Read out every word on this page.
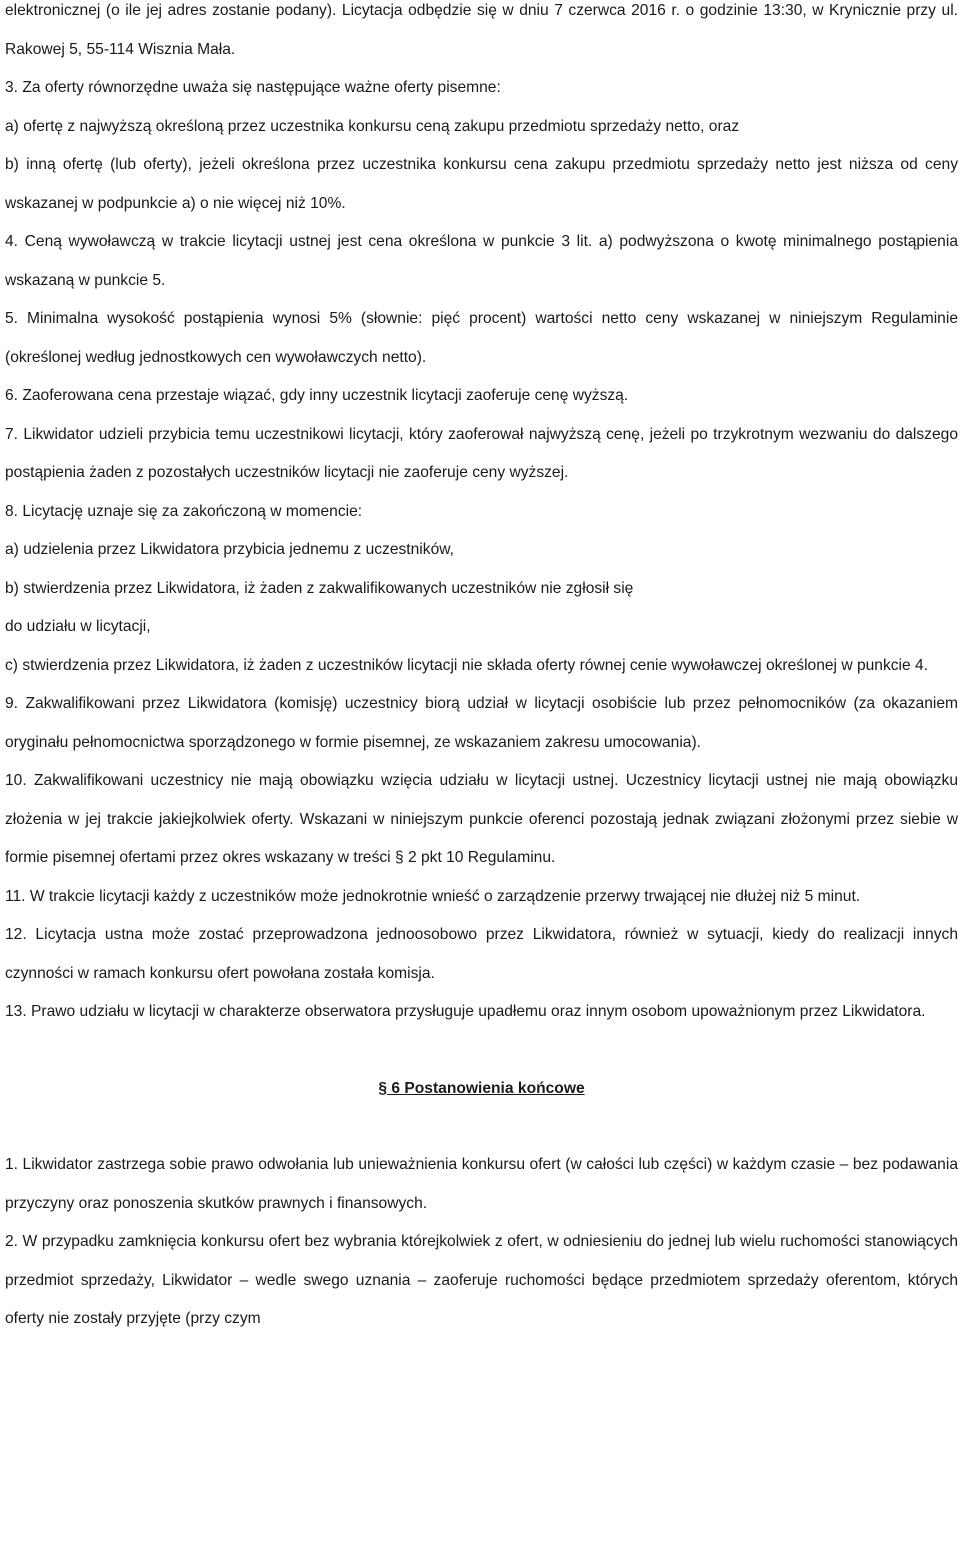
elektronicznej (o ile jej adres zostanie podany). Licytacja odbędzie się w dniu 7 czerwca 2016 r. o godzinie 13:30, w Krynicznie przy ul. Rakowej 5, 55-114 Wisznia Mała.

3. Za oferty równorzędne uważa się następujące ważne oferty pisemne:

a) ofertę z najwyższą określoną przez uczestnika konkursu ceną zakupu przedmiotu sprzedaży netto, oraz

b) inną ofertę (lub oferty), jeżeli określona przez uczestnika konkursu cena zakupu przedmiotu sprzedaży netto jest niższa od ceny wskazanej w podpunkcie a) o nie więcej niż 10%.

4. Ceną wywoławczą w trakcie licytacji ustnej jest cena określona w punkcie 3 lit. a) podwyższona o kwotę minimalnego postąpienia wskazaną w punkcie 5.

5. Minimalna wysokość postąpienia wynosi 5% (słownie: pięć procent) wartości netto ceny wskazanej w niniejszym Regulaminie (określonej według jednostkowych cen wywoławczych netto).

6. Zaoferowana cena przestaje wiązać, gdy inny uczestnik licytacji zaoferuje cenę wyższą.

7. Likwidator udzieli przybicia temu uczestnikowi licytacji, który zaoferował najwyższą cenę, jeżeli po trzykrotnym wezwaniu do dalszego postąpienia żaden z pozostałych uczestników licytacji nie zaoferuje ceny wyższej.

8. Licytację uznaje się za zakończoną w momencie:

a) udzielenia przez Likwidatora przybicia jednemu z uczestników,

b) stwierdzenia przez Likwidatora, iż żaden z zakwalifikowanych uczestników nie zgłosił się

do udziału w licytacji,

c) stwierdzenia przez Likwidatora, iż żaden z uczestników licytacji nie składa oferty równej cenie wywoławczej określonej w punkcie 4.

9. Zakwalifikowani przez Likwidatora (komisję) uczestnicy biorą udział w licytacji osobiście lub przez pełnomocników (za okazaniem oryginału pełnomocnictwa sporządzonego w formie pisemnej, ze wskazaniem zakresu umocowania).

10. Zakwalifikowani uczestnicy nie mają obowiązku wzięcia udziału w licytacji ustnej. Uczestnicy licytacji ustnej nie mają obowiązku złożenia w jej trakcie jakiejkolwiek oferty. Wskazani w niniejszym punkcie oferenci pozostają jednak związani złożonymi przez siebie w formie pisemnej ofertami przez okres wskazany w treści § 2 pkt 10 Regulaminu.

11. W trakcie licytacji każdy z uczestników może jednokrotnie wnieść o zarządzenie przerwy trwającej nie dłużej niż 5 minut.

12. Licytacja ustna może zostać przeprowadzona jednoosobowo przez Likwidatora, również w sytuacji, kiedy do realizacji innych czynności w ramach konkursu ofert powołana została komisja.

13. Prawo udziału w licytacji w charakterze obserwatora przysługuje upadłemu oraz innym osobom upoważnionym przez Likwidatora.

§ 6 Postanowienia końcowe

1. Likwidator zastrzega sobie prawo odwołania lub unieważnienia konkursu ofert (w całości lub części) w każdym czasie – bez podawania przyczyny oraz ponoszenia skutków prawnych i finansowych.

2. W przypadku zamknięcia konkursu ofert bez wybrania którejkolwiek z ofert, w odniesieniu do jednej lub wielu ruchomości stanowiących przedmiot sprzedaży, Likwidator – wedle swego uznania – zaoferuje ruchomości będące przedmiotem sprzedaży oferentom, których oferty nie zostały przyjęte (przy czym
